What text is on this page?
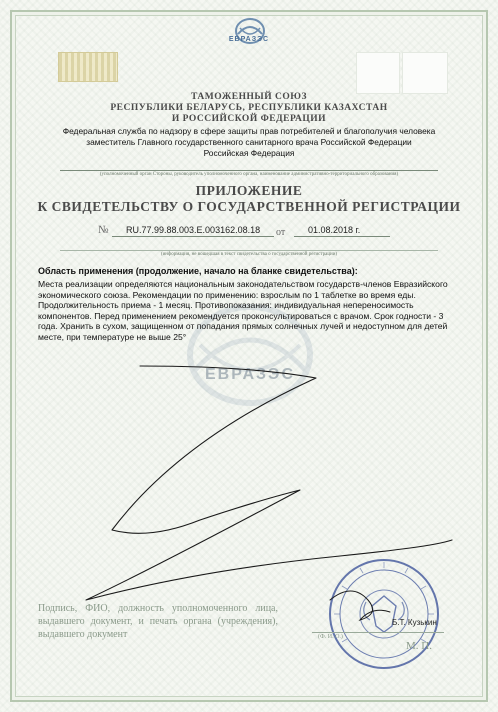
ЕВРАЗЭС
ТАМОЖЕННЫЙ СОЮЗ
РЕСПУБЛИКИ БЕЛАРУСЬ, РЕСПУБЛИКИ КАЗАХСТАН
И РОССИЙСКОЙ ФЕДЕРАЦИИ
Федеральная служба по надзору в сфере защиты прав потребителей и благополучия человека
заместитель Главного государственного санитарного врача Российской Федерации
Российская Федерация
(уполномоченный орган Стороны, руководитель уполномоченного органа, наименование административно-территориального образования)
ПРИЛОЖЕНИЕ
К СВИДЕТЕЛЬСТВУ О ГОСУДАРСТВЕННОЙ РЕГИСТРАЦИИ
№ RU.77.99.88.003.Е.003162.08.18 от	01.08.2018 г.
(информация, не вошедшая в текст свидетельства о государственной регистрации)
ЕВРАЗЭС
Область применения (продолжение, начало на бланке свидетельства):
Места реализации определяются национальным законодательством государств-членов Евразийского экономического союза. Рекомендации по применению: взрослым по 1 таблетке во время еды. Продолжительность приема - 1 месяц. Противопоказания: индивидуальная непереносимость компонентов. Перед применением рекомендуется проконсультироваться с врачом. Срок годности - 3 года. Хранить в сухом, защищенном от попадания прямых солнечных лучей и недоступном для детей месте, при температуре не выше 25°
Подпись, ФИО, должность уполномоченного лица, выдавшего документ, и печать органа (учреждения), выдавшего документ
Б.Т. Кузькин
(Ф. И. О.)
М. П.
